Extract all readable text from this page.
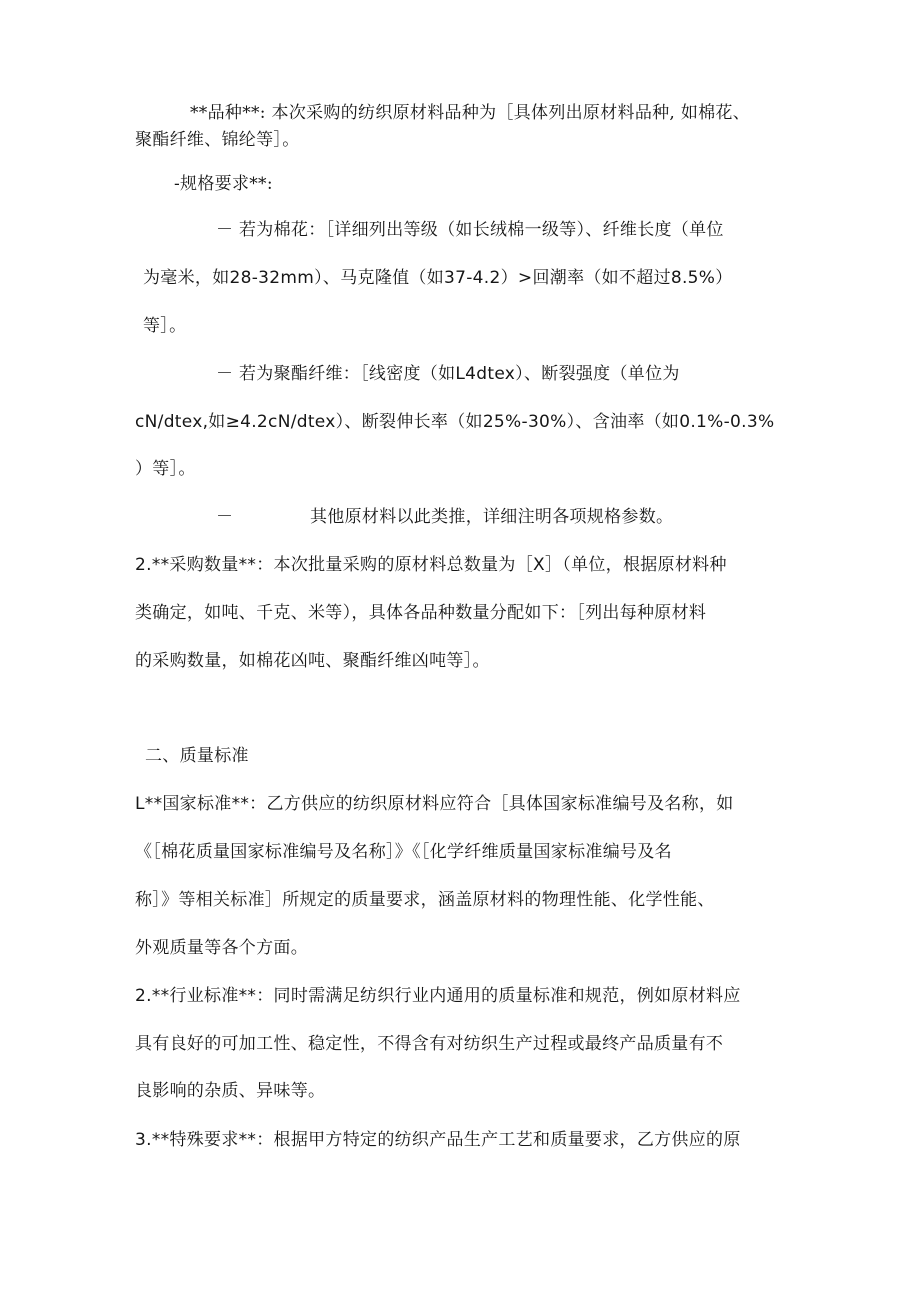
**品种**: 本次采购的纺织原材料品种为［具体列出原材料品种, 如棉花、
聚酯纤维、锦纶等］。
-规格要求**:
－ 若为棉花：［详细列出等级（如长绒棉一级等）、纤维长度（单位
为毫米，如28-32mm）、马克隆值（如37-4.2）>回潮率（如不超过8.5%）
等］。
－ 若为聚酯纤维：［线密度（如L4dtex）、断裂强度（单位为
cN/dtex,如≥4.2cN/dtex）、断裂伸长率（如25%-30%）、含油率（如0.1%-0.3%
）等］。
－	其他原材料以此类推，详细注明各项规格参数。
2.**采购数量**：本次批量采购的原材料总数量为［X］（单位，根据原材料种
类确定，如吨、千克、米等），具体各品种数量分配如下：［列出每种原材料
的采购数量，如棉花凶吨、聚酯纤维凶吨等］。
二、质量标准
L**国家标准**：乙方供应的纺织原材料应符合［具体国家标准编号及名称，如
《［棉花质量国家标准编号及名称］》《［化学纤维质量国家标准编号及名
称］》等相关标准］所规定的质量要求，涵盖原材料的物理性能、化学性能、
外观质量等各个方面。
2.**行业标准**：同时需满足纺织行业内通用的质量标准和规范，例如原材料应
具有良好的可加工性、稳定性，不得含有对纺织生产过程或最终产品质量有不
良影响的杂质、异味等。
3.**特殊要求**：根据甲方特定的纺织产品生产工艺和质量要求，乙方供应的原
